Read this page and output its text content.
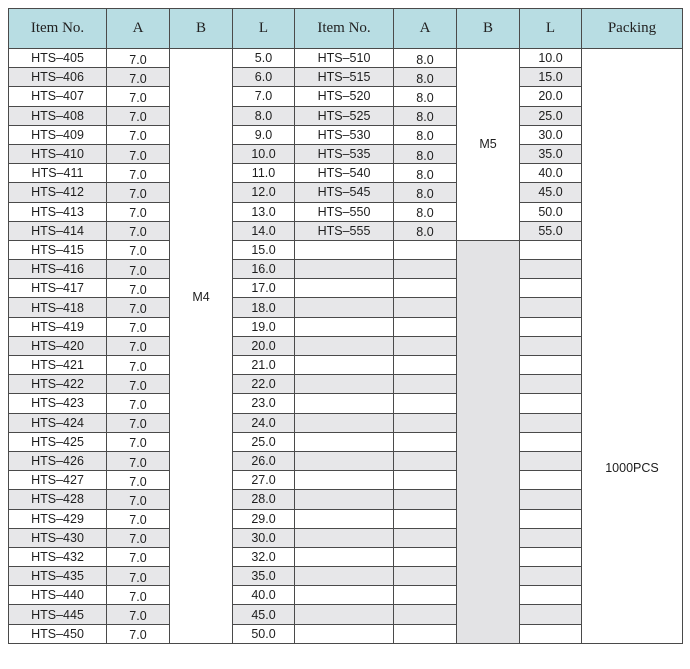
Item No.	A	B	L	Item No.	A	B	L	Packing
HTS–405	7.0	M4	5.0	HTS–510	8.0	M5	10.0	1000PCS
HTS–406	7.0		6.0	HTS–515	8.0		15.0	
HTS–407	7.0		7.0	HTS–520	8.0		20.0	
HTS–408	7.0		8.0	HTS–525	8.0		25.0	
HTS–409	7.0		9.0	HTS–530	8.0		30.0	
HTS–410	7.0		10.0	HTS–535	8.0		35.0	
HTS–411	7.0		11.0	HTS–540	8.0		40.0	
HTS–412	7.0		12.0	HTS–545	8.0		45.0	
HTS–413	7.0		13.0	HTS–550	8.0		50.0	
HTS–414	7.0		14.0	HTS–555	8.0		55.0	
HTS–415	7.0		15.0					
HTS–416	7.0		16.0					
HTS–417	7.0		17.0					
HTS–418	7.0		18.0					
HTS–419	7.0		19.0					
HTS–420	7.0		20.0					
HTS–421	7.0		21.0					
HTS–422	7.0		22.0					
HTS–423	7.0		23.0					
HTS–424	7.0		24.0					
HTS–425	7.0		25.0					
HTS–426	7.0		26.0					
HTS–427	7.0		27.0					
HTS–428	7.0		28.0					
HTS–429	7.0		29.0					
HTS–430	7.0		30.0					
HTS–432	7.0		32.0					
HTS–435	7.0		35.0					
HTS–440	7.0		40.0					
HTS–445	7.0		45.0					
HTS–450	7.0		50.0					
